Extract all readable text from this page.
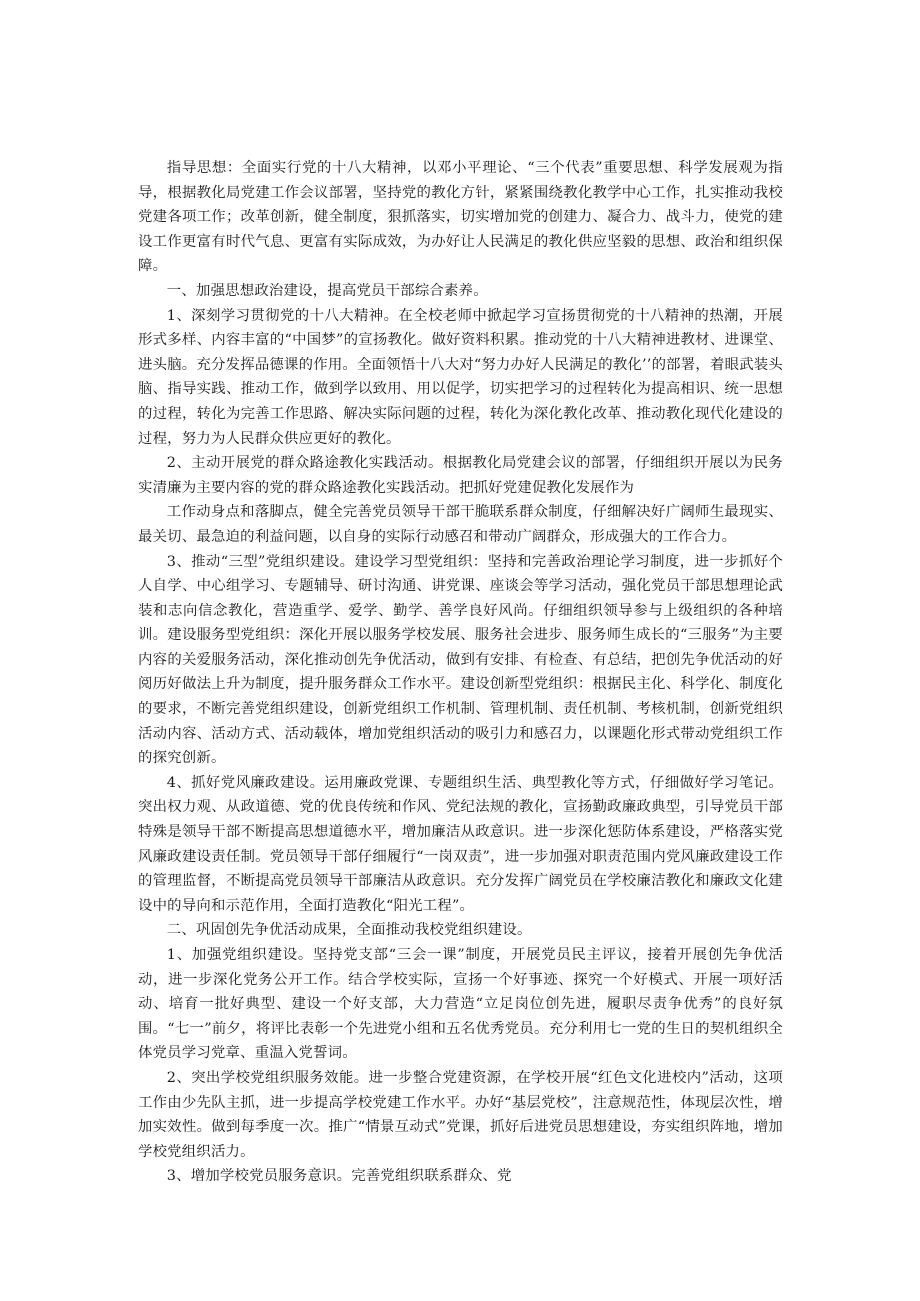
指导思想：全面实行党的十八大精神，以邓小平理论、“三个代表”重要思想、科学发展观为指导，根据教化局党建工作会议部署，坚持党的教化方针，紧紧围绕教化教学中心工作，扎实推动我校党建各项工作；改革创新，健全制度，狠抓落实，切实增加党的创建力、凝合力、战斗力，使党的建设工作更富有时代气息、更富有实际成效，为办好让人民满足的教化供应坚毅的思想、政治和组织保障。

一、加强思想政治建设，提高党员干部综合素养。

1、深刻学习贯彻党的十八大精神。在全校老师中掀起学习宣扬贯彻党的十八精神的热潮，开展形式多样、内容丰富的“中国梦”的宣扬教化。做好资料积累。推动党的十八大精神进教材、进课堂、进头脑。充分发挥品德课的作用。全面领悟十八大对“努力办好人民满足的教化’’的部署，着眼武装头脑、指导实践、推动工作，做到学以致用、用以促学，切实把学习的过程转化为提高相识、统一思想的过程，转化为完善工作思路、解决实际问题的过程，转化为深化教化改革、推动教化现代化建设的过程，努力为人民群众供应更好的教化。

2、主动开展党的群众路途教化实践活动。根据教化局党建会议的部署，仔细组织开展以为民务实清廉为主要内容的党的群众路途教化实践活动。把抓好党建促教化发展作为

工作动身点和落脚点，健全完善党员领导干部干脆联系群众制度，仔细解决好广阔师生最现实、最关切、最急迫的利益问题，以自身的实际行动感召和带动广阔群众，形成强大的工作合力。

3、推动“三型”党组织建设。建设学习型党组织：坚持和完善政治理论学习制度，进一步抓好个人自学、中心组学习、专题辅导、研讨沟通、讲党课、座谈会等学习活动，强化党员干部思想理论武装和志向信念教化，营造重学、爱学、勤学、善学良好风尚。仔细组织领导参与上级组织的各种培训。建设服务型党组织：深化开展以服务学校发展、服务社会进步、服务师生成长的“三服务”为主要内容的关爱服务活动，深化推动创先争优活动，做到有安排、有检查、有总结，把创先争优活动的好阅历好做法上升为制度，提升服务群众工作水平。建设创新型党组织：根据民主化、科学化、制度化的要求，不断完善党组织建设，创新党组织工作机制、管理机制、责任机制、考核机制，创新党组织活动内容、活动方式、活动载体，增加党组织活动的吸引力和感召力，以课题化形式带动党组织工作的探究创新。

4、抓好党风廉政建设。运用廉政党课、专题组织生活、典型教化等方式，仔细做好学习笔记。突出权力观、从政道德、党的优良传统和作风、党纪法规的教化，宣扬勤政廉政典型，引导党员干部特殊是领导干部不断提高思想道德水平，增加廉洁从政意识。进一步深化惩防体系建设，严格落实党风廉政建设责任制。党员领导干部仔细履行“一岗双责”，进一步加强对职责范围内党风廉政建设工作的管理监督，不断提高党员领导干部廉洁从政意识。充分发挥广阔党员在学校廉洁教化和廉政文化建设中的导向和示范作用，全面打造教化“阳光工程”。

二、巩固创先争优活动成果，全面推动我校党组织建设。

1、加强党组织建设。坚持党支部“三会一课”制度，开展党员民主评议，接着开展创先争优活动，进一步深化党务公开工作。结合学校实际，宣扬一个好事迹、探究一个好模式、开展一项好活动、培育一批好典型、建设一个好支部，大力营造“立足岗位创先进，履职尽责争优秀”的良好氛围。“七一”前夕，将评比表彰一个先进党小组和五名优秀党员。充分利用七一党的生日的契机组织全体党员学习党章、重温入党誓词。

2、突出学校党组织服务效能。进一步整合党建资源，在学校开展“红色文化进校内”活动，这项工作由少先队主抓，进一步提高学校党建工作水平。办好“基层党校”，注意规范性，体现层次性，增加实效性。做到每季度一次。推广“情景互动式”党课，抓好后进党员思想建设，夯实组织阵地，增加学校党组织活力。

3、增加学校党员服务意识。完善党组织联系群众、党
